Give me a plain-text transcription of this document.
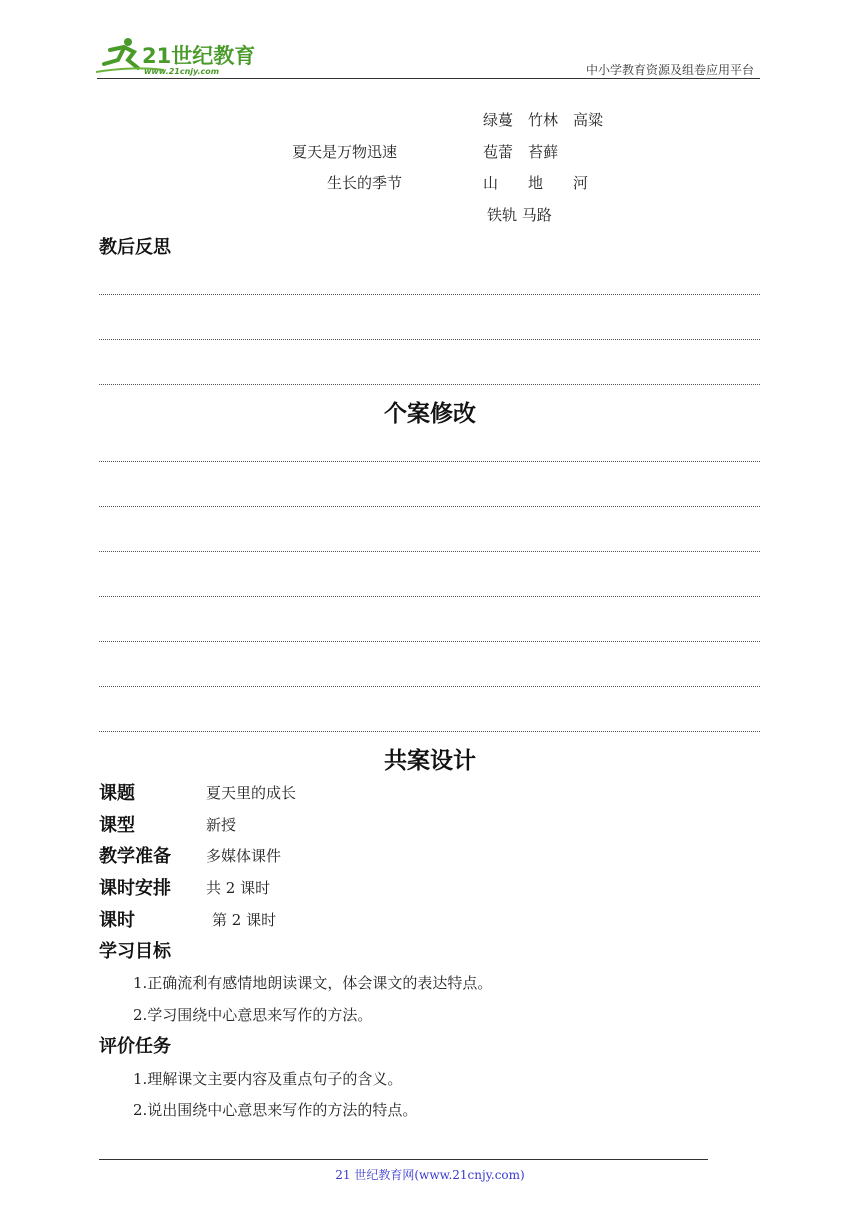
21世纪教育
www.21cnjy.com	中小学教育资源及组卷应用平台
夏天是万物迅速
生长的季节
绿蔓　竹林　高粱
苞蕾　苔藓
山　　地　　河
铁轨 马路
教后反思
个案修改
共案设计
课题	夏天里的成长
课型	新授
教学准备 多媒体课件
课时安排 共 2 课时
课时	第 2 课时
学习目标
1.正确流利有感情地朗读课文，体会课文的表达特点。
2.学习围绕中心意思来写作的方法。
评价任务
1.理解课文主要内容及重点句子的含义。
2.说出围绕中心意思来写作的方法的特点。
21 世纪教育网(www.21cnjy.com)
